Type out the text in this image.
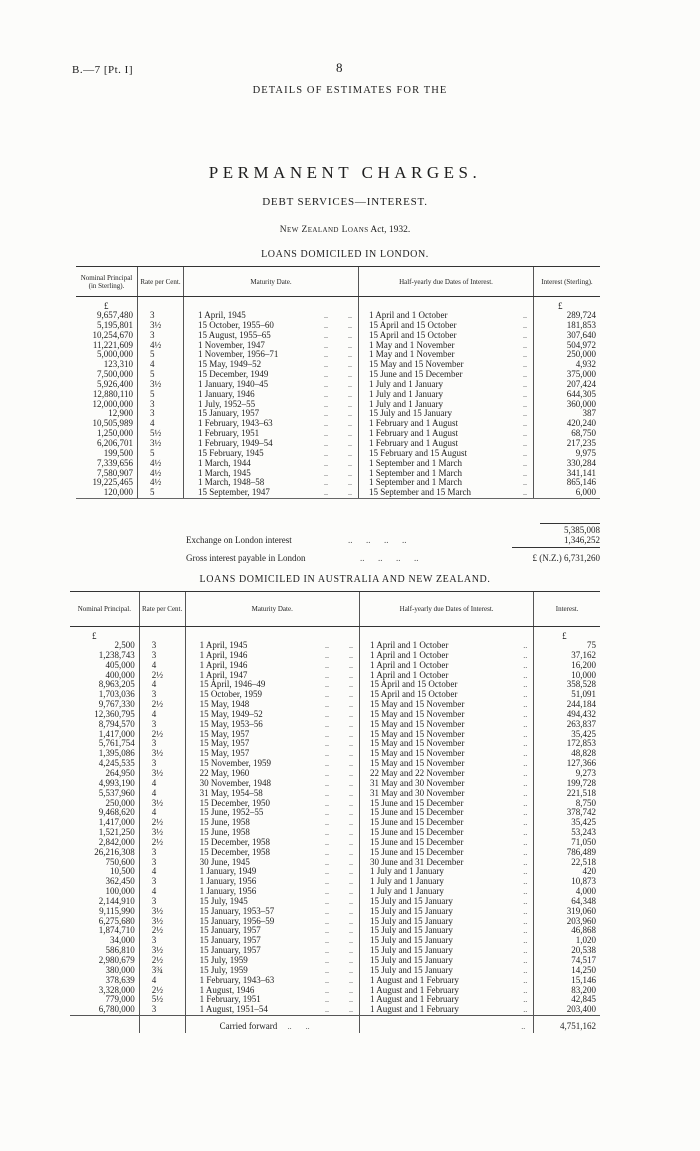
B.—7 [Pt. I]	8
DETAILS OF ESTIMATES FOR THE
PERMANENT CHARGES.
DEBT SERVICES—INTEREST.
New Zealand Loans Act, 1932.
LOANS DOMICILED IN LONDON.
Nominal Principal (in Sterling).	Rate per Cent.	Maturity Date.	Half-yearly due Dates of Interest.	Interest (Sterling).
£	£
9,657,480	3	1 April, 1945	..          ..	1 April and 1 October	..	289,724
5,195,801	3½	15 October, 1955–60	..          ..	15 April and 15 October	..	181,853
10,254,670	3	15 August, 1955–65	..          ..	15 April and 15 October	..	307,640
11,221,609	4½	1 November, 1947	..          ..	1 May and 1 November	..	504,972
5,000,000	5	1 November, 1956–71	..          ..	1 May and 1 November	..	250,000
123,310	4	15 May, 1949–52	..          ..	15 May and 15 November	..	4,932
7,500,000	5	15 December, 1949	..          ..	15 June and 15 December	..	375,000
5,926,400	3½	1 January, 1940–45	..          ..	1 July and 1 January	..	207,424
12,880,110	5	1 January, 1946	..          ..	1 July and 1 January	..	644,305
12,000,000	3	1 July, 1952–55	..          ..	1 July and 1 January	..	360,000
12,900	3	15 January, 1957	..          ..	15 July and 15 January	..	387
10,505,989	4	1 February, 1943–63	..          ..	1 February and 1 August	..	420,240
1,250,000	5½	1 February, 1951	..          ..	1 February and 1 August	..	68,750
6,206,701	3½	1 February, 1949–54	..          ..	1 February and 1 August	..	217,235
199,500	5	15 February, 1945	..          ..	15 February and 15 August	..	9,975
7,339,656	4½	1 March, 1944	..          ..	1 September and 1 March	..	330,284
7,580,907	4½	1 March, 1945	..          ..	1 September and 1 March	..	341,141
19,225,465	4½	1 March, 1948–58	..          ..	1 September and 1 March	..	865,146
120,000	5	15 September, 1947	..          ..	15 September and 15 March	..	6,000
5,385,008
Exchange on London interest	..      ..      ..      ..	1,346,252
Gross interest payable in London	..      ..      ..      ..	£ (N.Z.) 6,731,260
LOANS DOMICILED IN AUSTRALIA AND NEW ZEALAND.
Nominal Principal.	Rate per Cent.	Maturity Date.	Half-yearly due Dates of Interest.	Interest.
£	£
2,500	3	1 April, 1945	..          ..	1 April and 1 October	..	75
1,238,743	3	1 April, 1946	..          ..	1 April and 1 October	..	37,162
405,000	4	1 April, 1946	..          ..	1 April and 1 October	..	16,200
400,000	2½	1 April, 1947	..          ..	1 April and 1 October	..	10,000
8,963,205	4	15 April, 1946–49	..          ..	15 April and 15 October	..	358,528
1,703,036	3	15 October, 1959	..          ..	15 April and 15 October	..	51,091
9,767,330	2½	15 May, 1948	..          ..	15 May and 15 November	..	244,184
12,360,795	4	15 May, 1949–52	..          ..	15 May and 15 November	..	494,432
8,794,570	3	15 May, 1953–56	..          ..	15 May and 15 November	..	263,837
1,417,000	2½	15 May, 1957	..          ..	15 May and 15 November	..	35,425
5,761,754	3	15 May, 1957	..          ..	15 May and 15 November	..	172,853
1,395,086	3½	15 May, 1957	..          ..	15 May and 15 November	..	48,828
4,245,535	3	15 November, 1959	..          ..	15 May and 15 November	..	127,366
264,950	3½	22 May, 1960	..          ..	22 May and 22 November	..	9,273
4,993,190	4	30 November, 1948	..          ..	31 May and 30 November	..	199,728
5,537,960	4	31 May, 1954–58	..          ..	31 May and 30 November	..	221,518
250,000	3½	15 December, 1950	..          ..	15 June and 15 December	..	8,750
9,468,620	4	15 June, 1952–55	..          ..	15 June and 15 December	..	378,742
1,417,000	2½	15 June, 1958	..          ..	15 June and 15 December	..	35,425
1,521,250	3½	15 June, 1958	..          ..	15 June and 15 December	..	53,243
2,842,000	2½	15 December, 1958	..          ..	15 June and 15 December	..	71,050
26,216,308	3	15 December, 1958	..          ..	15 June and 15 December	..	786,489
750,600	3	30 June, 1945	..          ..	30 June and 31 December	..	22,518
10,500	4	1 January, 1949	..          ..	1 July and 1 January	..	420
362,450	3	1 January, 1956	..          ..	1 July and 1 January	..	10,873
100,000	4	1 January, 1956	..          ..	1 July and 1 January	..	4,000
2,144,910	3	15 July, 1945	..          ..	15 July and 15 January	..	64,348
9,115,990	3½	15 January, 1953–57	..          ..	15 July and 15 January	..	319,060
6,275,680	3½	15 January, 1956–59	..          ..	15 July and 15 January	..	203,960
1,874,710	2½	15 January, 1957	..          ..	15 July and 15 January	..	46,868
34,000	3	15 January, 1957	..          ..	15 July and 15 January	..	1,020
586,810	3½	15 January, 1957	..          ..	15 July and 15 January	..	20,538
2,980,679	2½	15 July, 1959	..          ..	15 July and 15 January	..	74,517
380,000	3¾	15 July, 1959	..          ..	15 July and 15 January	..	14,250
378,639	4	1 February, 1943–63	..          ..	1 August and 1 February	..	15,146
3,328,000	2½	1 August, 1946	..          ..	1 August and 1 February	..	83,200
779,000	5½	1 February, 1951	..          ..	1 August and 1 February	..	42,845
6,780,000	3	1 August, 1951–54	..          ..	1 August and 1 February	..	203,400
Carried forward     ..       ..	..	4,751,162
